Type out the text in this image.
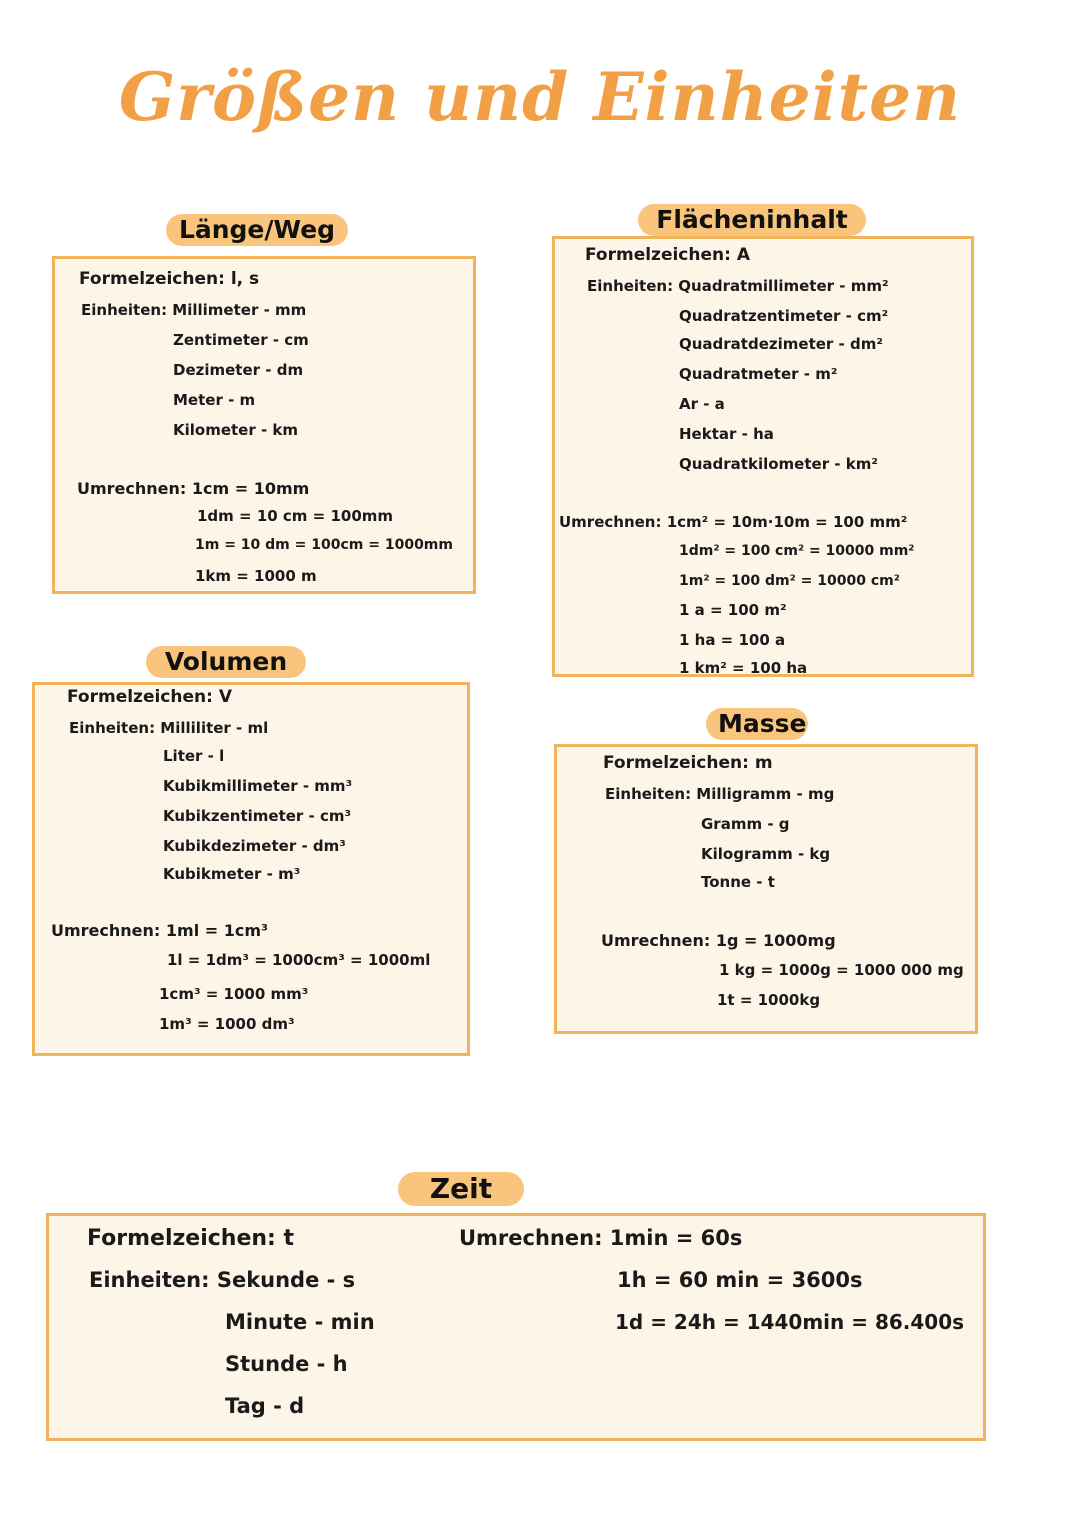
Größen und Einheiten
Länge/Weg
Formelzeichen: l, s
Einheiten: Millimeter - mm
Zentimeter - cm
Dezimeter - dm
Meter - m
Kilometer - km
Umrechnen: 1cm = 10mm
1dm = 10 cm = 100mm
1m = 10 dm = 100cm = 1000mm
1km = 1000 m
Flächeninhalt
Formelzeichen: A
Einheiten: Quadratmillimeter - mm²
Quadratzentimeter - cm²
Quadratdezimeter - dm²
Quadratmeter - m²
Ar - a
Hektar - ha
Quadratkilometer - km²
Umrechnen: 1cm² = 10m·10m = 100 mm²
1dm² = 100 cm² = 10000 mm²
1m² = 100 dm² = 10000 cm²
1 a = 100 m²
1 ha = 100 a
1 km² = 100 ha
Volumen
Formelzeichen: V
Einheiten: Milliliter - ml
Liter - l
Kubikmillimeter - mm³
Kubikzentimeter - cm³
Kubikdezimeter - dm³
Kubikmeter - m³
Umrechnen: 1ml = 1cm³
1l = 1dm³ = 1000cm³ = 1000ml
1cm³ = 1000 mm³
1m³ = 1000 dm³
Masse
Formelzeichen: m
Einheiten: Milligramm - mg
Gramm - g
Kilogramm - kg
Tonne - t
Umrechnen: 1g = 1000mg
1 kg = 1000g = 1000 000 mg
1t = 1000kg
Zeit
Formelzeichen: t
Einheiten: Sekunde - s
Minute - min
Stunde - h
Tag - d
Umrechnen: 1min = 60s
1h = 60 min = 3600s
1d = 24h = 1440min = 86.400s
